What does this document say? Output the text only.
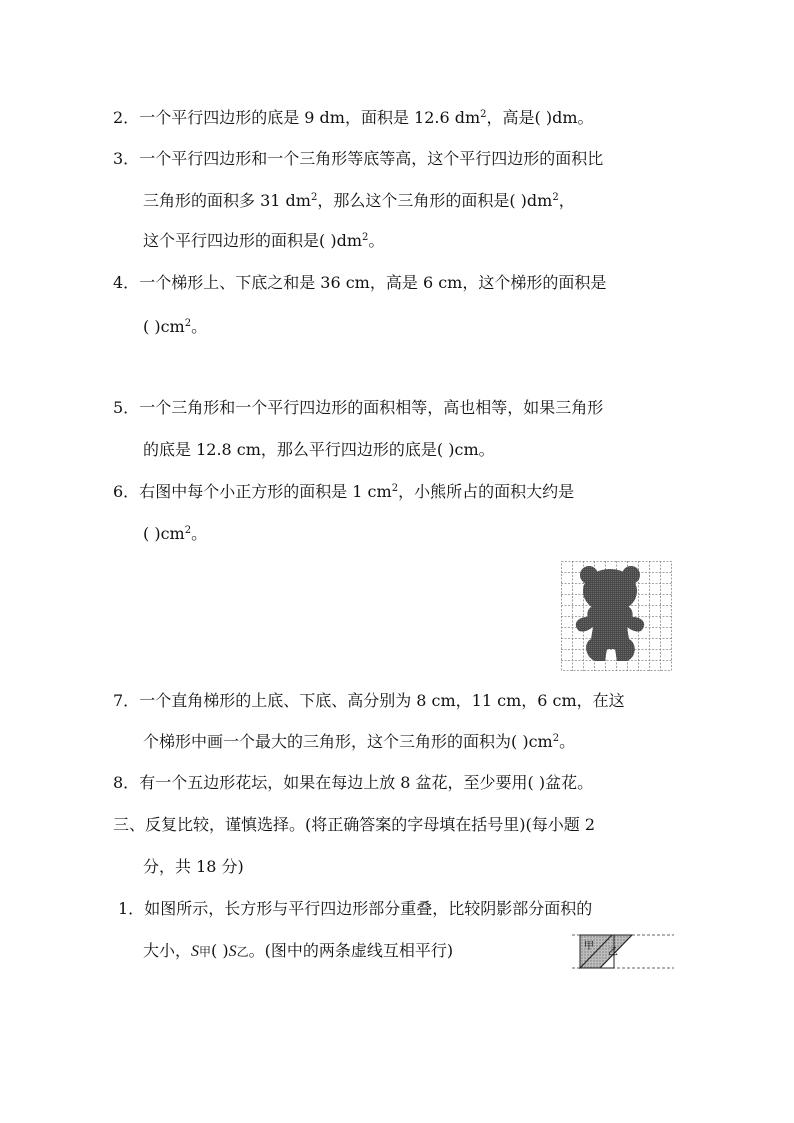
2．一个平行四边形的底是 9 dm，面积是 12.6 $dm^2$，高是( )dm。
3．一个平行四边形和一个三角形等底等高，这个平行四边形的面积比
三角形的面积多 31 $dm^2$，那么这个三角形的面积是( )$dm^2$，
这个平行四边形的面积是( )$dm^2$。
4．一个梯形上、下底之和是 36 cm，高是 6 cm，这个梯形的面积是
( )$cm^2$。
5．一个三角形和一个平行四边形的面积相等，高也相等，如果三角形
的底是 12.8 cm，那么平行四边形的底是( )cm。
6．右图中每个小正方形的面积是 1 $cm^2$，小熊所占的面积大约是
( )$cm^2$。
7．一个直角梯形的上底、下底、高分别为 8 cm，11 cm，6 cm，在这
个梯形中画一个最大的三角形，这个三角形的面积为( )$cm^2$。
8．有一个五边形花坛，如果在每边上放 8 盆花，至少要用( )盆花。
三、反复比较，谨慎选择。(将正确答案的字母填在括号里)(每小题 2
分，共 18 分)
1．如图所示，长方形与平行四边形部分重叠，比较阴影部分面积的
大小，S甲( )S乙。(图中的两条虚线互相平行)	甲
乙
